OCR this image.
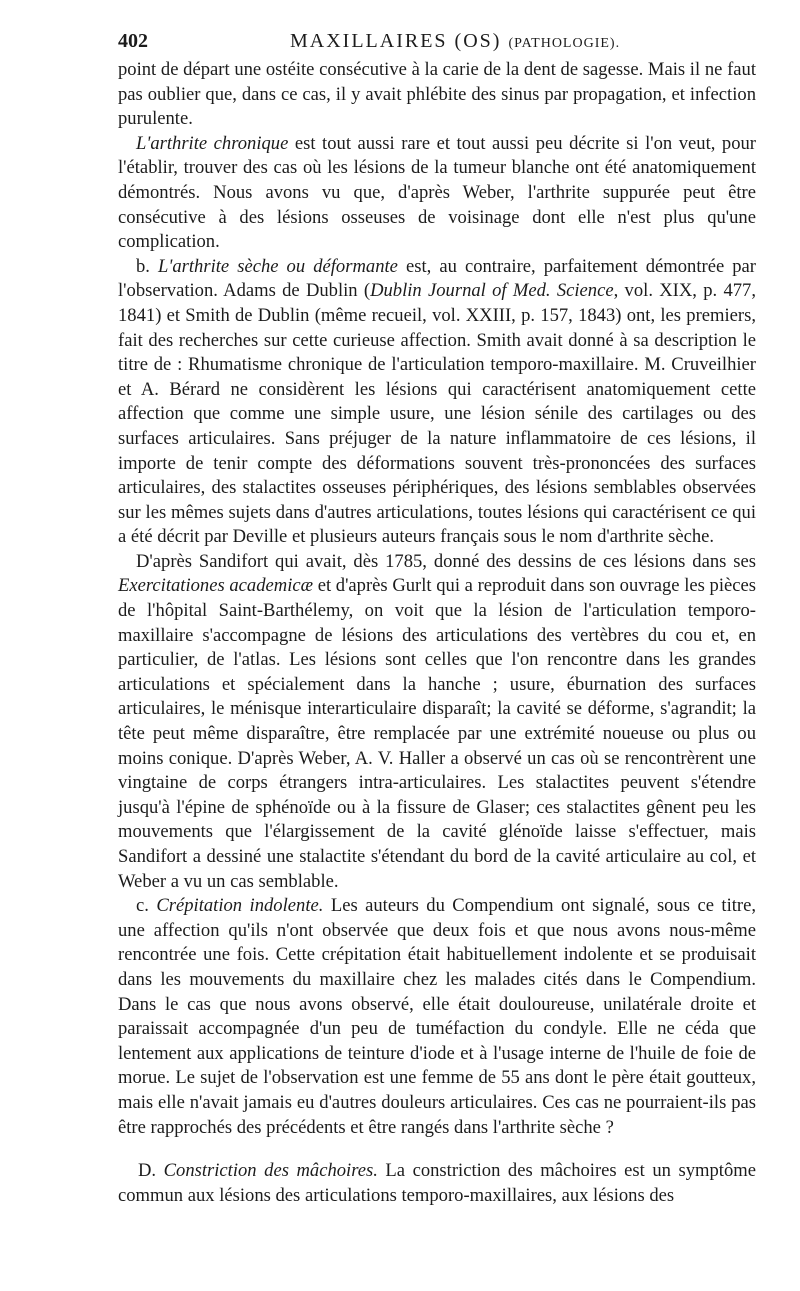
402	MAXILLAIRES (OS) (PATHOLOGIE).

point de départ une ostéite consécutive à la carie de la dent de sagesse. Mais il ne faut pas oublier que, dans ce cas, il y avait phlébite des sinus par propagation, et infection purulente.

L'arthrite chronique est tout aussi rare et tout aussi peu décrite si l'on veut, pour l'établir, trouver des cas où les lésions de la tumeur blanche ont été anatomiquement démontrés. Nous avons vu que, d'après Weber, l'arthrite suppurée peut être consécutive à des lésions osseuses de voisinage dont elle n'est plus qu'une complication.

b. L'arthrite sèche ou déformante est, au contraire, parfaitement démontrée par l'observation. Adams de Dublin (Dublin Journal of Med. Science, vol. XIX, p. 477, 1841) et Smith de Dublin (même recueil, vol. XXIII, p. 157, 1843) ont, les premiers, fait des recherches sur cette curieuse affection. Smith avait donné à sa description le titre de : Rhumatisme chronique de l'articulation temporo-maxillaire. M. Cruveilhier et A. Bérard ne considèrent les lésions qui caractérisent anatomiquement cette affection que comme une simple usure, une lésion sénile des cartilages ou des surfaces articulaires. Sans préjuger de la nature inflammatoire de ces lésions, il importe de tenir compte des déformations souvent très-prononcées des surfaces articulaires, des stalactites osseuses périphériques, des lésions semblables observées sur les mêmes sujets dans d'autres articulations, toutes lésions qui caractérisent ce qui a été décrit par Deville et plusieurs auteurs français sous le nom d'arthrite sèche.

D'après Sandifort qui avait, dès 1785, donné des dessins de ces lésions dans ses Exercitationes academicæ et d'après Gurlt qui a reproduit dans son ouvrage les pièces de l'hôpital Saint-Barthélemy, on voit que la lésion de l'articulation temporo-maxillaire s'accompagne de lésions des articulations des vertèbres du cou et, en particulier, de l'atlas. Les lésions sont celles que l'on rencontre dans les grandes articulations et spécialement dans la hanche ; usure, éburnation des surfaces articulaires, le ménisque interarticulaire disparaît; la cavité se déforme, s'agrandit; la tête peut même disparaître, être remplacée par une extrémité noueuse ou plus ou moins conique. D'après Weber, A. V. Haller a observé un cas où se rencontrèrent une vingtaine de corps étrangers intra-articulaires. Les stalactites peuvent s'étendre jusqu'à l'épine de sphénoïde ou à la fissure de Glaser; ces stalactites gênent peu les mouvements que l'élargissement de la cavité glénoïde laisse s'effectuer, mais Sandifort a dessiné une stalactite s'étendant du bord de la cavité articulaire au col, et Weber a vu un cas semblable.

c. Crépitation indolente. Les auteurs du Compendium ont signalé, sous ce titre, une affection qu'ils n'ont observée que deux fois et que nous avons nous-même rencontrée une fois. Cette crépitation était habituellement indolente et se produisait dans les mouvements du maxillaire chez les malades cités dans le Compendium. Dans le cas que nous avons observé, elle était douloureuse, unilatérale droite et paraissait accompagnée d'un peu de tuméfaction du condyle. Elle ne céda que lentement aux applications de teinture d'iode et à l'usage interne de l'huile de foie de morue. Le sujet de l'observation est une femme de 55 ans dont le père était goutteux, mais elle n'avait jamais eu d'autres douleurs articulaires. Ces cas ne pourraient-ils pas être rapprochés des précédents et être rangés dans l'arthrite sèche ?

D. Constriction des mâchoires. La constriction des mâchoires est un symptôme commun aux lésions des articulations temporo-maxillaires, aux lésions des
